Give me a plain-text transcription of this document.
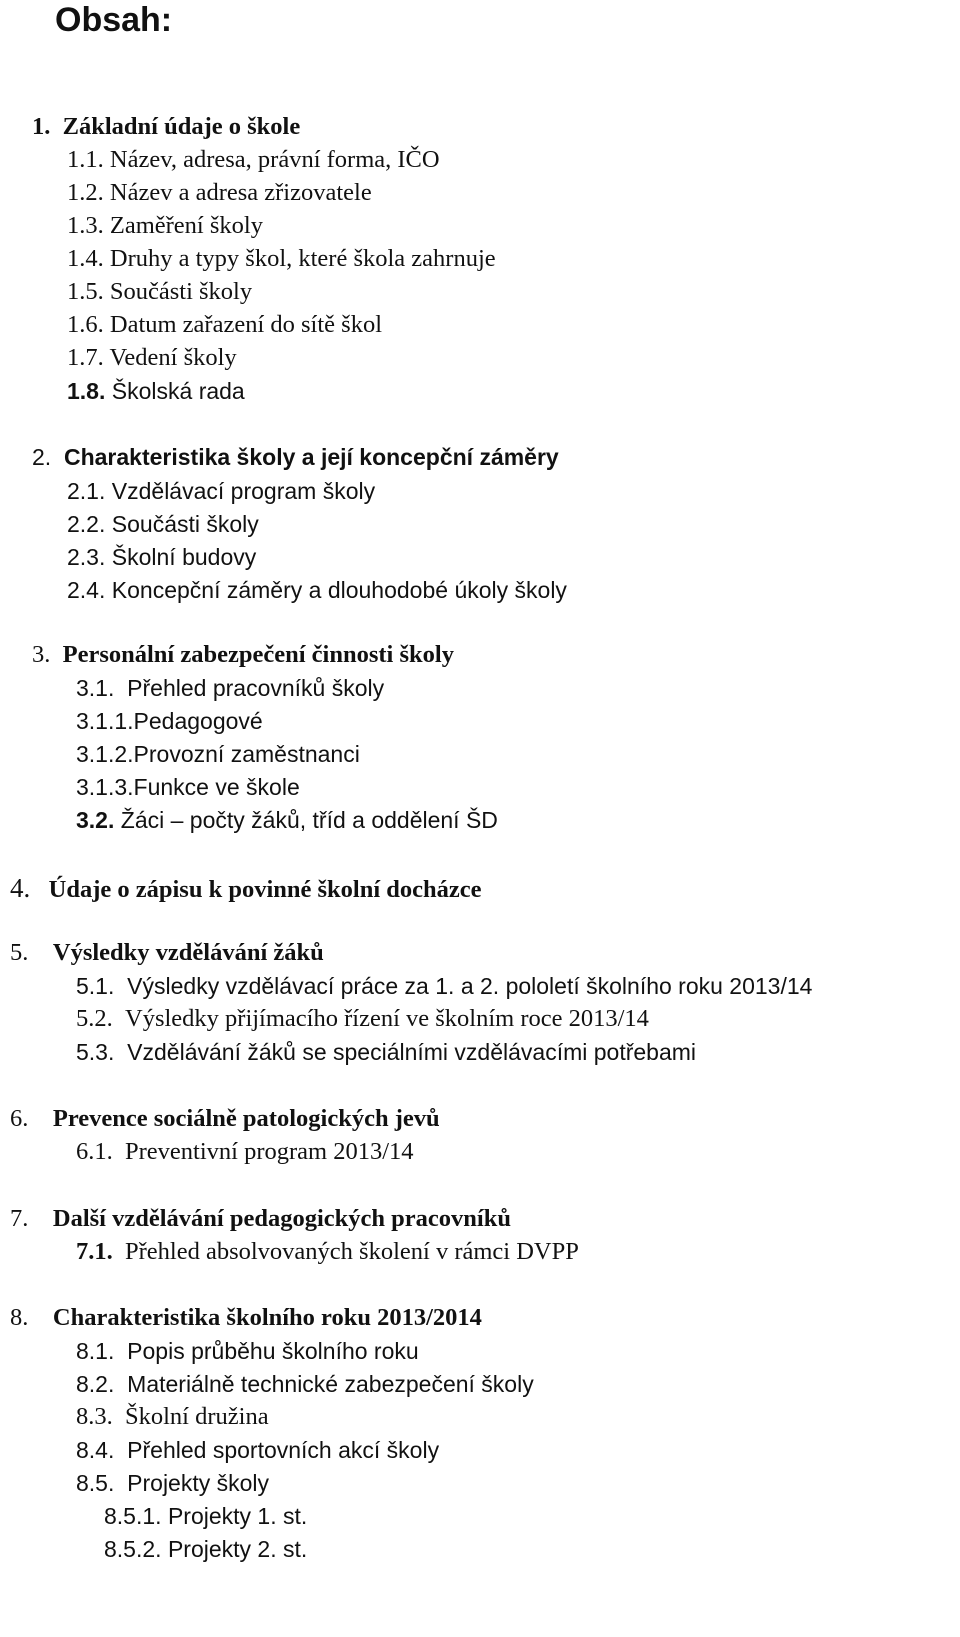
Obsah:
1. Základní údaje o škole
1.1. Název, adresa, právní forma, IČO
1.2. Název a adresa zřizovatele
1.3. Zaměření školy
1.4. Druhy a typy škol, které škola zahrnuje
1.5. Součásti školy
1.6. Datum zařazení do sítě škol
1.7. Vedení školy
1.8. Školská rada
2. Charakteristika školy a její koncepční záměry
2.1. Vzdělávací program školy
2.2. Součásti školy
2.3. Školní budovy
2.4. Koncepční záměry a dlouhodobé úkoly školy
3. Personální zabezpečení činnosti školy
3.1. Přehled pracovníků školy
3.1.1.Pedagogové
3.1.2.Provozní zaměstnanci
3.1.3.Funkce ve škole
3.2. Žáci – počty žáků, tříd a oddělení ŠD
4. Údaje o zápisu k povinné školní docházce
5. Výsledky vzdělávání žáků
5.1. Výsledky vzdělávací práce za 1. a 2. pololetí školního roku 2013/14
5.2. Výsledky přijímacího řízení ve školním roce 2013/14
5.3. Vzdělávání žáků se speciálními vzdělávacími potřebami
6. Prevence sociálně patologických jevů
6.1. Preventivní program 2013/14
7. Další vzdělávání pedagogických pracovníků
7.1. Přehled absolvovaných školení v rámci DVPP
8. Charakteristika školního roku 2013/2014
8.1. Popis průběhu školního roku
8.2. Materiálně technické zabezpečení školy
8.3. Školní družina
8.4. Přehled sportovních akcí školy
8.5. Projekty školy
8.5.1. Projekty 1. st.
8.5.2. Projekty 2. st.
